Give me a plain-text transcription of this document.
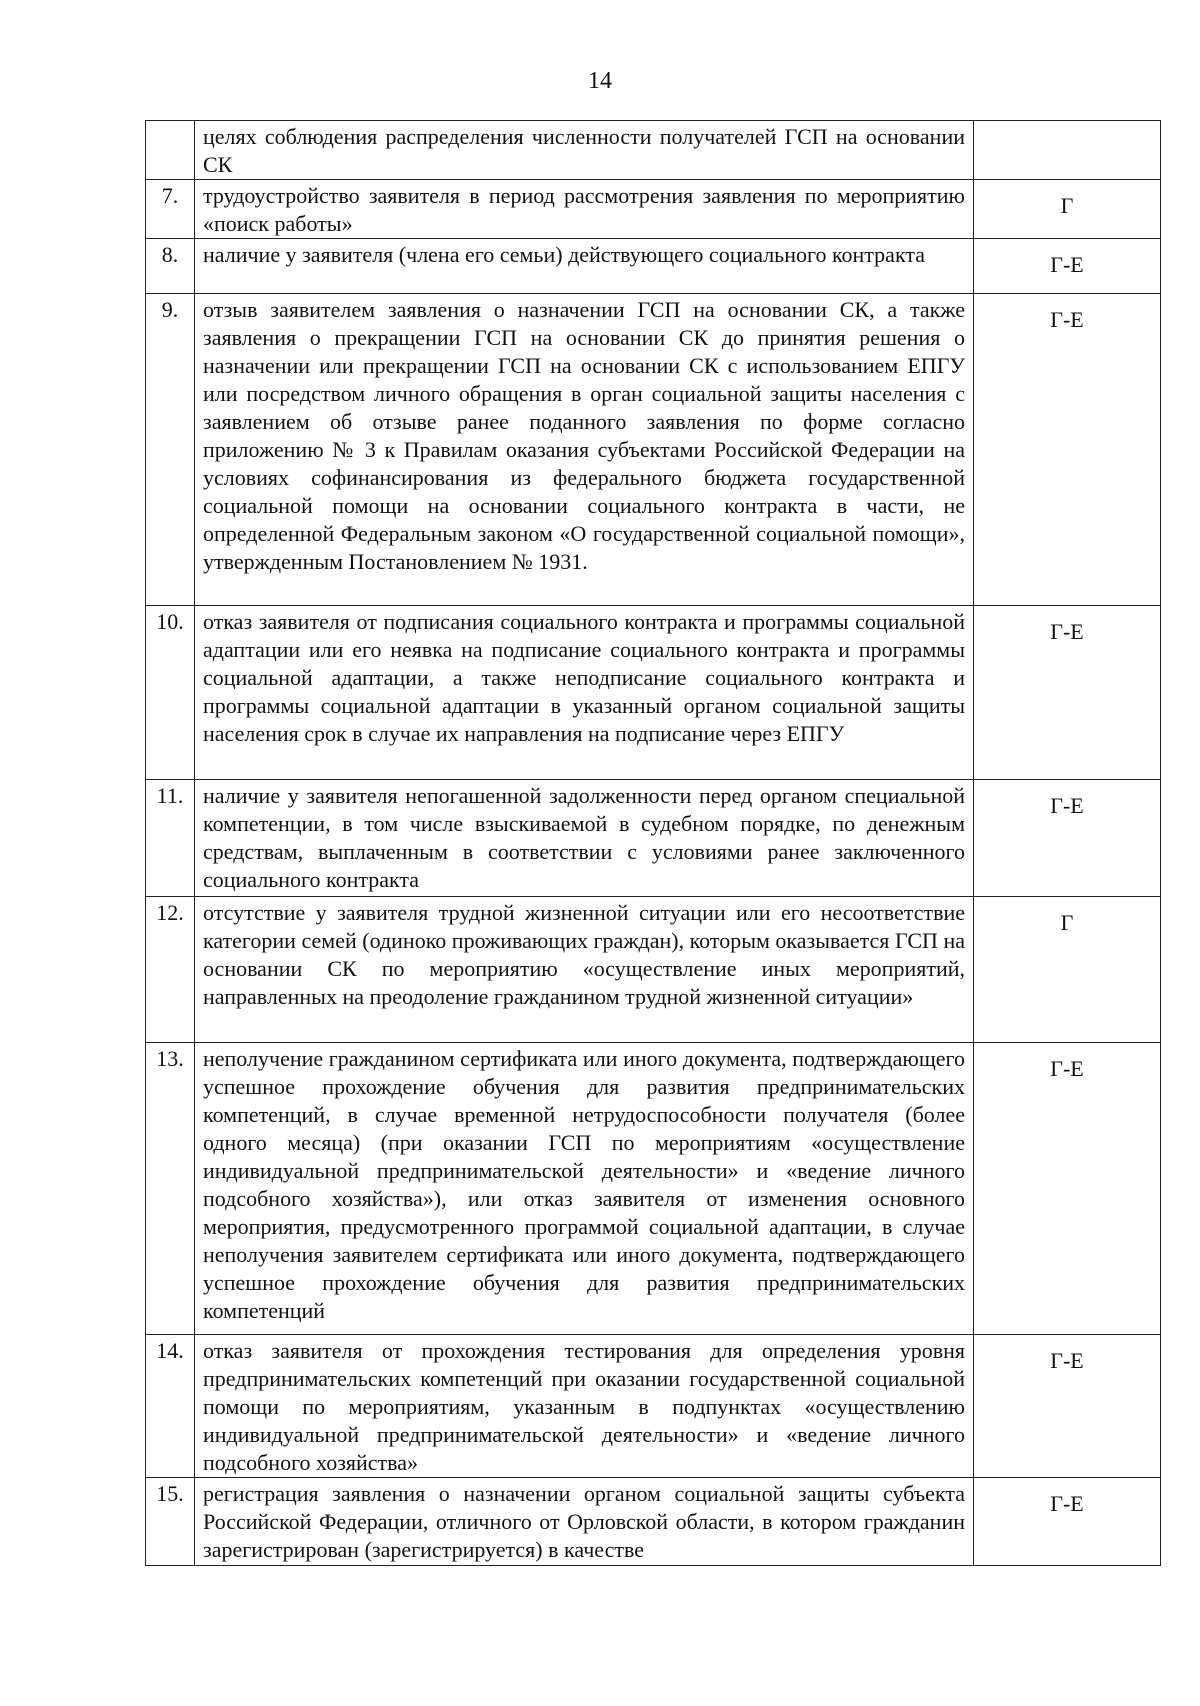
14
	целях соблюдения распределения численности получателей ГСП на основании СК	
7.	трудоустройство заявителя в период рассмотрения заявления по мероприятию «поиск работы»	Г
8.	наличие у заявителя (члена его семьи) действующего социального контракта	Г-Е
9.	отзыв заявителем заявления о назначении ГСП на основании СК, а также заявления о прекращении ГСП на основании СК до принятия решения о назначении или прекращении ГСП на основании СК с использованием ЕПГУ или посредством личного обращения в орган социальной защиты населения с заявлением об отзыве ранее поданного заявления по форме согласно приложению № 3 к Правилам оказания субъектами Российской Федерации на условиях софинансирования из федерального бюджета государственной социальной помощи на основании социального контракта в части, не определенной Федеральным законом «О государственной социальной помощи», утвержденным Постановлением № 1931.	Г-Е
10.	отказ заявителя от подписания социального контракта и программы социальной адаптации или его неявка на подписание социального контракта и программы социальной адаптации, а также неподписание социального контракта и программы социальной адаптации в указанный органом социальной защиты населения срок в случае их направления на подписание через ЕПГУ	Г-Е
11.	наличие у заявителя непогашенной задолженности перед органом специальной компетенции, в том числе взыскиваемой в судебном порядке, по денежным средствам, выплаченным в соответствии с условиями ранее заключенного социального контракта	Г-Е
12.	отсутствие у заявителя трудной жизненной ситуации или его несоответствие категории семей (одиноко проживающих граждан), которым оказывается ГСП на основании СК по мероприятию «осуществление иных мероприятий, направленных на преодоление гражданином трудной жизненной ситуации»	Г
13.	неполучение гражданином сертификата или иного документа, подтверждающего успешное прохождение обучения для развития предпринимательских компетенций, в случае временной нетрудоспособности получателя (более одного месяца) (при оказании ГСП по мероприятиям «осуществление индивидуальной предпринимательской деятельности» и «ведение личного подсобного хозяйства»), или отказ заявителя от изменения основного мероприятия, предусмотренного программой социальной адаптации, в случае неполучения заявителем сертификата или иного документа, подтверждающего успешное прохождение обучения для развития предпринимательских компетенций	Г-Е
14.	отказ заявителя от прохождения тестирования для определения уровня предпринимательских компетенций при оказании государственной социальной помощи по мероприятиям, указанным в подпунктах «осуществлению индивидуальной предпринимательской деятельности» и «ведение личного подсобного хозяйства»	Г-Е
15.	регистрация заявления о назначении органом социальной защиты субъекта Российской Федерации, отличного от Орловской области, в котором гражданин зарегистрирован (зарегистрируется) в качестве	Г-Е
